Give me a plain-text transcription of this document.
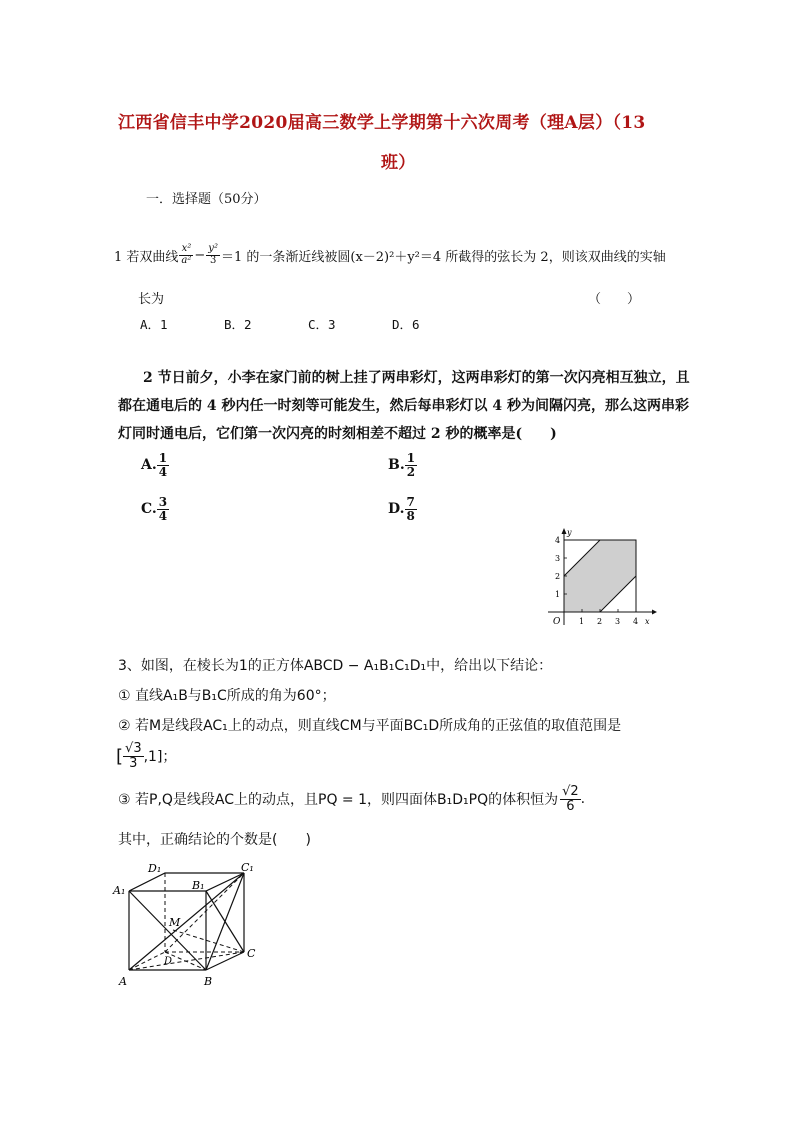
江西省信丰中学2020届高三数学上学期第十六次周考（理A层）（13
班）
一．选择题（50分）
1 若双曲线 $\frac{\text{x²}}{\text{a²}} - \frac{\text{y²}}{3} =1$ 的一条渐近线被圆(x－2)²＋y²＝4 所截得的弦长为 2，则该双曲线的实轴
长为	（　　）
A．1	B．2	C．3	D．6
2 节日前夕，小李在家门前的树上挂了两串彩灯，这两串彩灯的第一次闪亮相互独立，且
都在通电后的 4 秒内任一时刻等可能发生，然后每串彩灯以 4 秒为间隔闪亮，那么这两串彩
灯同时通电后，它们第一次闪亮的时刻相差不超过 2 秒的概率是(　　)
A. $\frac{1}{4}$	B. $\frac{1}{2}$
C. $\frac{3}{4}$	D. $\frac{7}{8}$
O 1 2 3 4 x
1
2
3
4
y
3、如图，在棱长为1的正方体ABCD − A₁B₁C₁D₁中，给出以下结论：
① 直线A₁B与B₁C所成的角为60°；
② 若M是线段AC₁上的动点，则直线CM与平面BC₁D所成角的正弦值的取值范围是
[ $\frac{√3}{3} ,1$]；
③ 若P,Q是线段AC上的动点，且PQ = 1，则四面体B₁D₁PQ的体积恒为 $\frac{√2}{6}$ .
其中，正确结论的个数是(　　)
D₁	C₁
A₁	B₁
M
D
C
A	B
